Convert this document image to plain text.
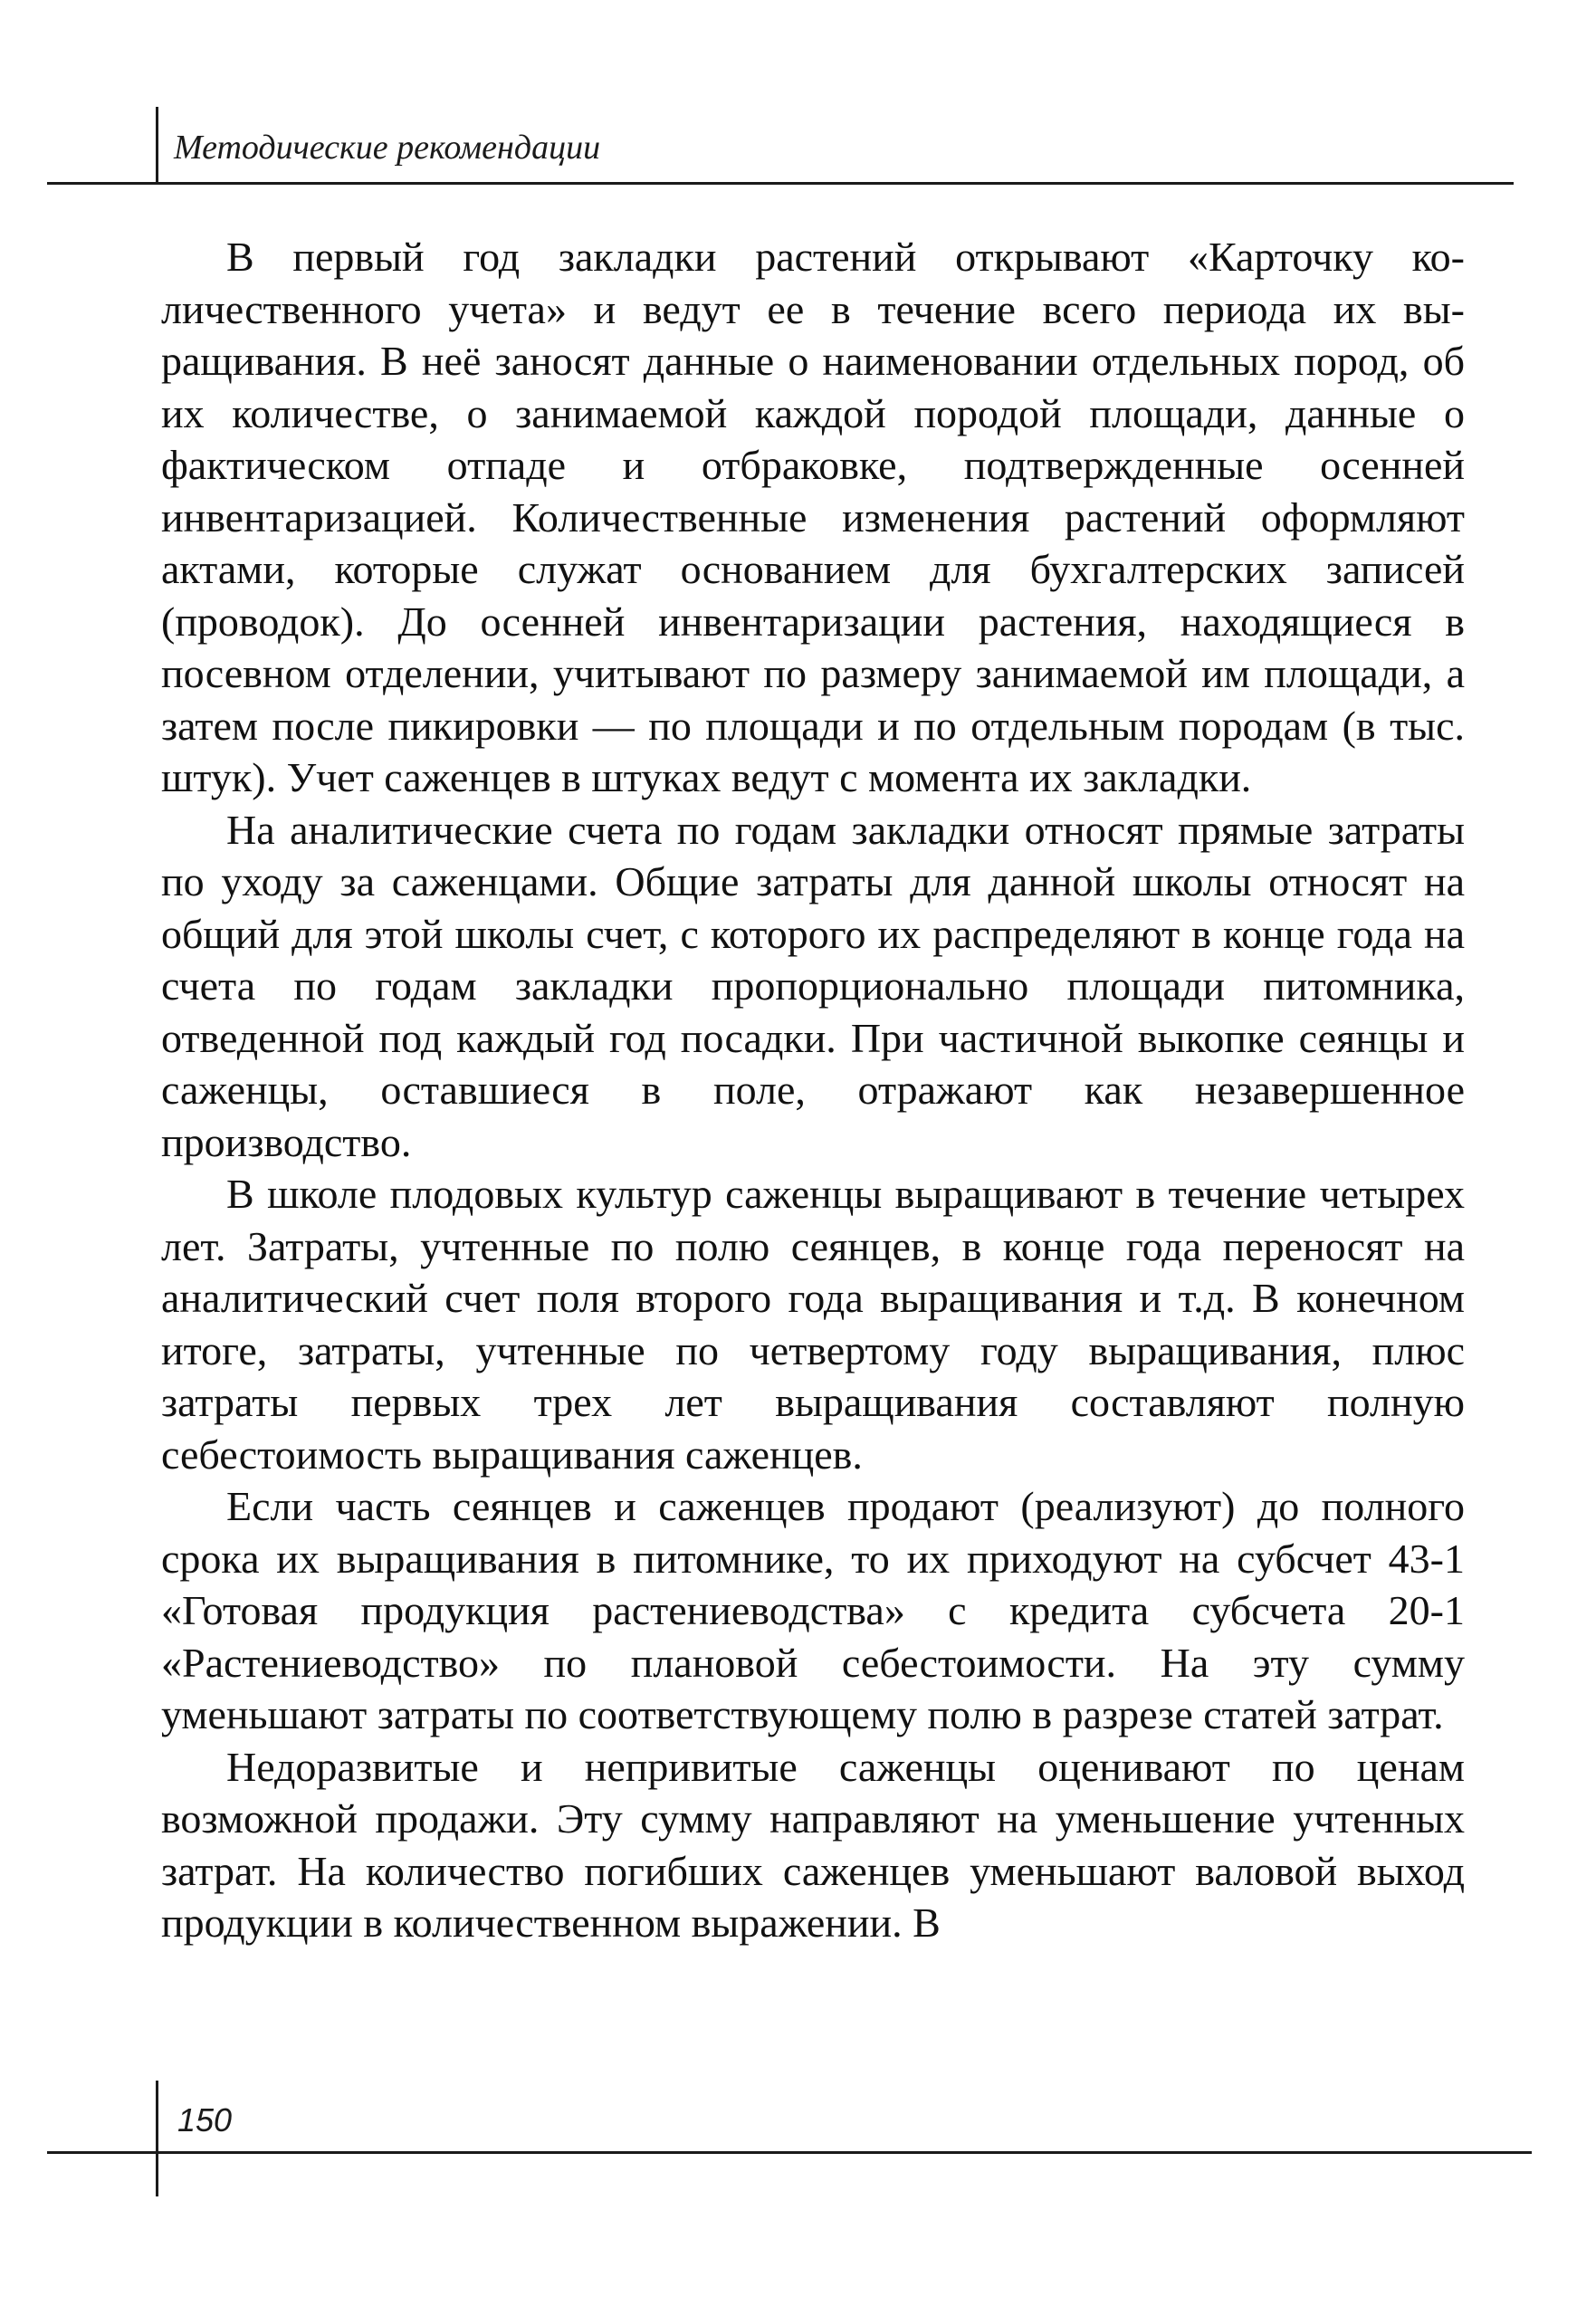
Методические рекомендации

В первый год закладки растений открывают «Карточку количественного учета» и ведут ее в течение всего периода их выращивания. В неё заносят данные о наименовании отдельных пород, об их количестве, о занимаемой каждой породой площади, данные о фактическом отпаде и отбраковке, подтвержденные осенней инвентаризацией. Количественные изменения растений оформляют актами, которые служат основанием для бухгалтерских записей (проводок). До осенней инвентаризации растения, находящиеся в посевном отделении, учитывают по размеру занимаемой им площади, а затем после пикировки — по площади и по отдельным породам (в тыс. штук). Учет саженцев в штуках ведут с момента их закладки.

На аналитические счета по годам закладки относят прямые затраты по уходу за саженцами. Общие затраты для данной школы относят на общий для этой школы счет, с которого их распределяют в конце года на счета по годам закладки пропорционально площади питомника, отведенной под каждый год посадки. При частичной выкопке сеянцы и саженцы, оставшиеся в поле, отражают как незавершенное производство.

В школе плодовых культур саженцы выращивают в течение четырех лет. Затраты, учтенные по полю сеянцев, в конце года переносят на аналитический счет поля второго года выращивания и т.д. В конечном итоге, затраты, учтенные по четвертому году выращивания, плюс затраты первых трех лет выращивания составляют полную себестоимость выращивания саженцев.

Если часть сеянцев и саженцев продают (реализуют) до полного срока их выращивания в питомнике, то их приходуют на субсчет 43-1 «Готовая продукция растениеводства» с кредита субсчета 20-1 «Растениеводство» по плановой себестоимости. На эту сумму уменьшают затраты по соответствующему полю в разрезе статей затрат.

Недоразвитые и непривитые саженцы оценивают по ценам возможной продажи. Эту сумму направляют на уменьшение учтенных затрат. На количество погибших саженцев уменьшают валовой выход продукции в количественном выражении. В

150
